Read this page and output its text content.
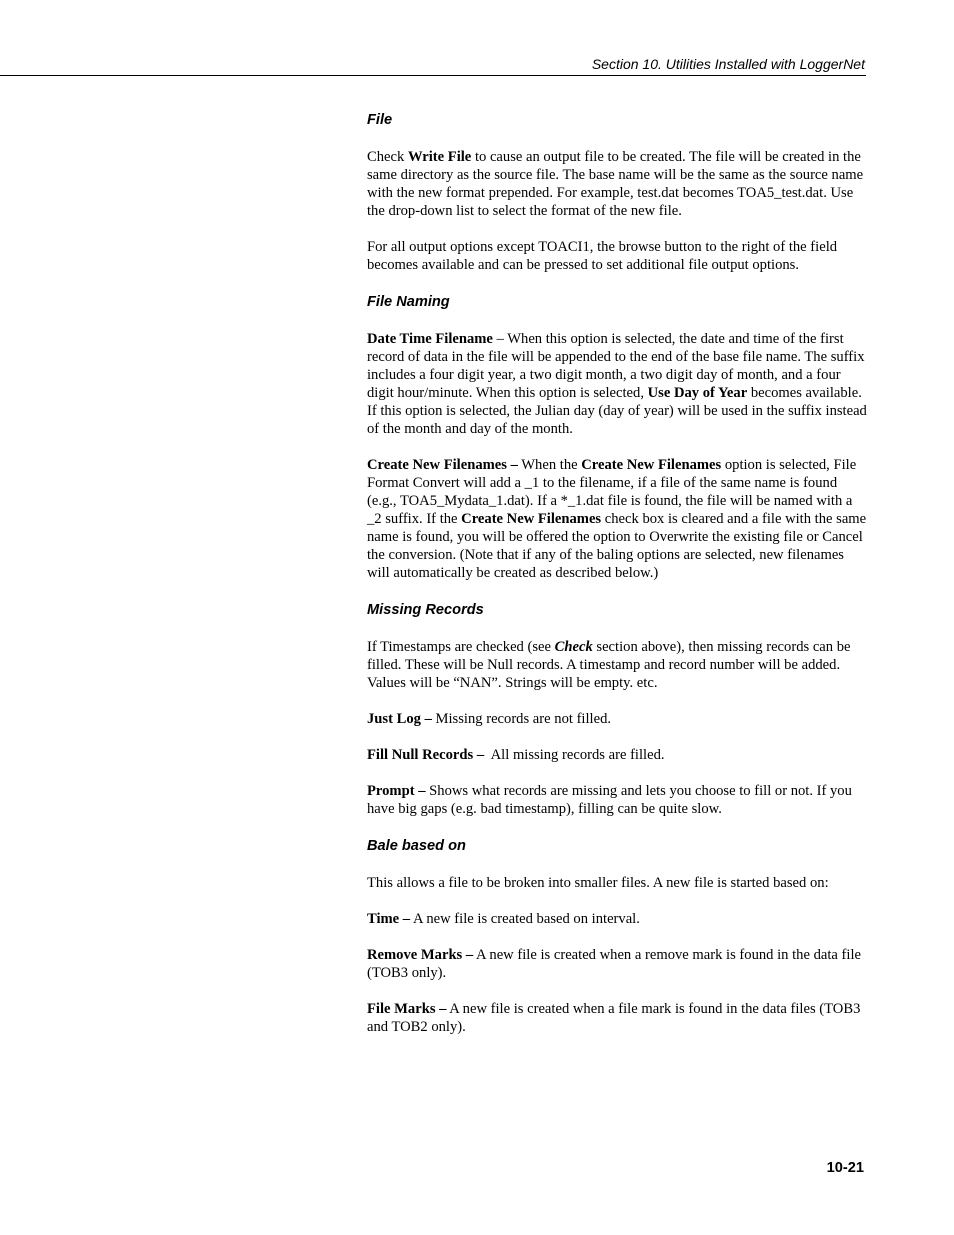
Section 10. Utilities Installed with LoggerNet
File

Check Write File to cause an output file to be created. The file will be created in the same directory as the source file. The base name will be the same as the source name with the new format prepended. For example, test.dat becomes TOA5_test.dat. Use the drop-down list to select the format of the new file.

For all output options except TOACI1, the browse button to the right of the field becomes available and can be pressed to set additional file output options.

File Naming

Date Time Filename – When this option is selected, the date and time of the first record of data in the file will be appended to the end of the base file name. The suffix includes a four digit year, a two digit month, a two digit day of month, and a four digit hour/minute. When this option is selected, Use Day of Year becomes available. If this option is selected, the Julian day (day of year) will be used in the suffix instead of the month and day of the month.

Create New Filenames – When the Create New Filenames option is selected, File Format Convert will add a _1 to the filename, if a file of the same name is found (e.g., TOA5_Mydata_1.dat). If a *_1.dat file is found, the file will be named with a _2 suffix. If the Create New Filenames check box is cleared and a file with the same name is found, you will be offered the option to Overwrite the existing file or Cancel the conversion. (Note that if any of the baling options are selected, new filenames will automatically be created as described below.)

Missing Records

If Timestamps are checked (see Check section above), then missing records can be filled. These will be Null records. A timestamp and record number will be added. Values will be “NAN”. Strings will be empty. etc.

Just Log – Missing records are not filled.

Fill Null Records –  All missing records are filled.

Prompt – Shows what records are missing and lets you choose to fill or not. If you have big gaps (e.g. bad timestamp), filling can be quite slow.

Bale based on

This allows a file to be broken into smaller files. A new file is started based on:

Time – A new file is created based on interval.

Remove Marks – A new file is created when a remove mark is found in the data file (TOB3 only).

File Marks – A new file is created when a file mark is found in the data files (TOB3 and TOB2 only).

10-21
